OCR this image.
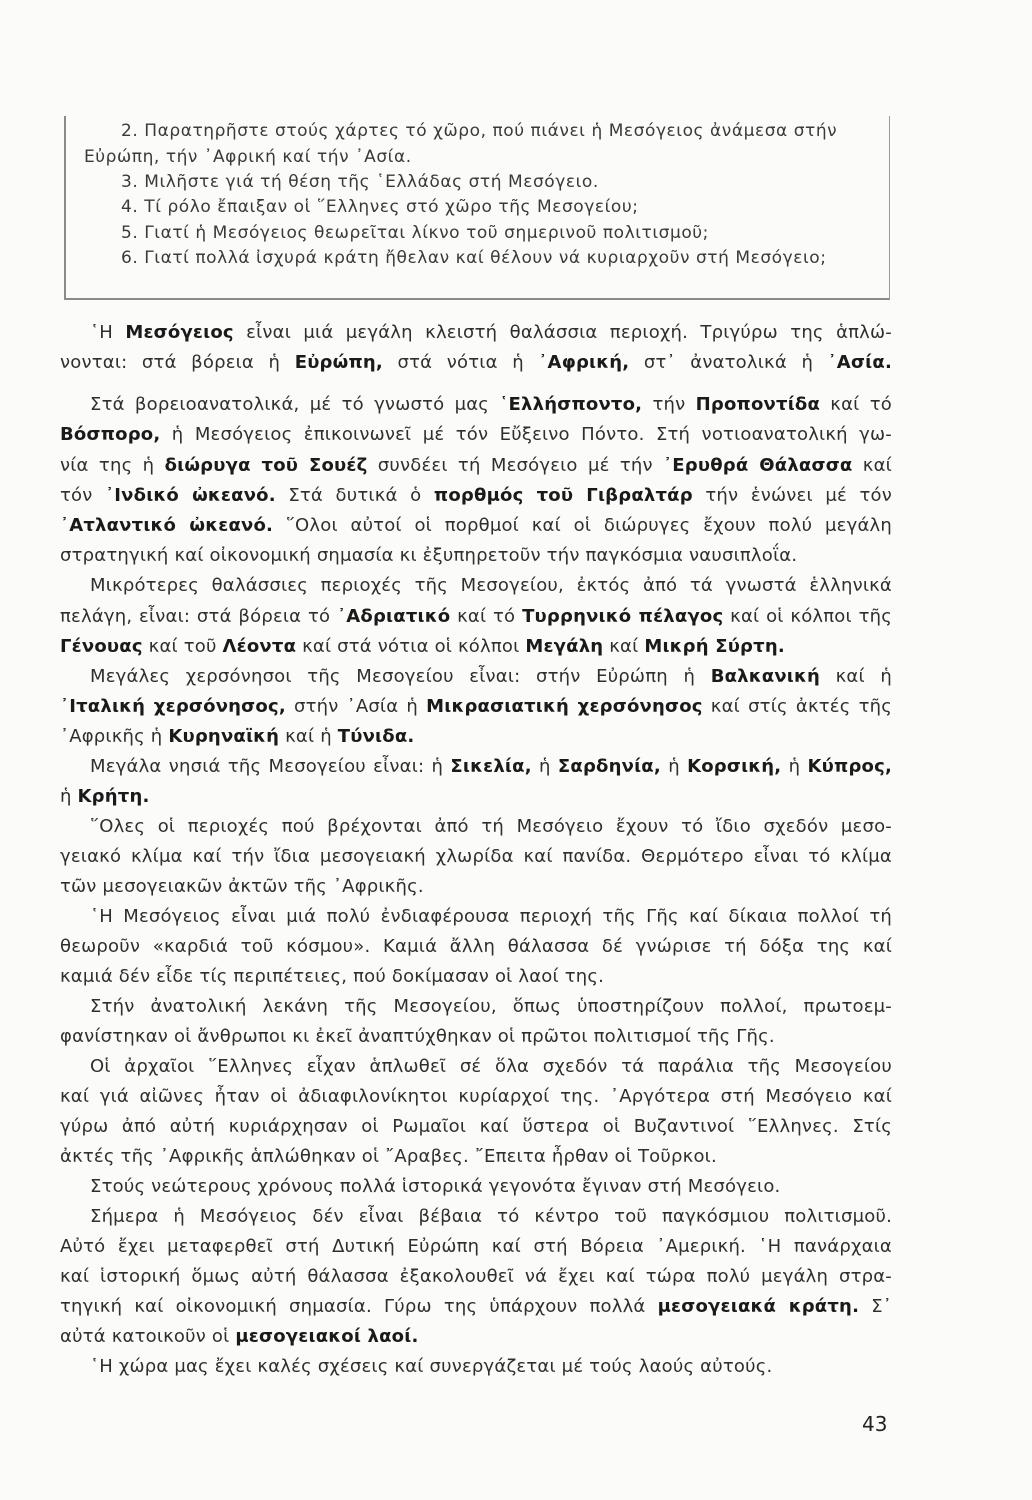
2. Παρατηρῆστε στούς χάρτες τό χῶρο, πού πιάνει ἡ Μεσόγειος ἀνάμεσα στήν
Εὐρώπη, τήν ᾿Αφρική καί τήν ᾿Ασία.
3. Μιλῆστε γιά τή θέση τῆς ῾Ελλάδας στή Μεσόγειο.
4. Τί ρόλο ἔπαιξαν οἱ ῞Ελληνες στό χῶρο τῆς Μεσογείου;
5. Γιατί ἡ Μεσόγειος θεωρεῖται λίκνο τοῦ σημερινοῦ πολιτισμοῦ;
6. Γιατί πολλά ἰσχυρά κράτη ἤθελαν καί θέλουν νά κυριαρχοῦν στή Μεσόγειο;
῾Η Μεσόγειος εἶναι μιά μεγάλη κλειστή θαλάσσια περιοχή. Τριγύρω της ἁπλώ-
νονται: στά βόρεια ἡ Εὐρώπη, στά νότια ἡ ᾿Αφρική, στ᾿ ἀνατολικά ἡ ᾿Ασία.
Στά βορειοανατολικά, μέ τό γνωστό μας ῾Ελλήσποντο, τήν Προποντίδα καί τό
Βόσπορο, ἡ Μεσόγειος ἐπικοινωνεῖ μέ τόν Εὔξεινο Πόντο. Στή νοτιοανατολική γω-
νία της ἡ διώρυγα τοῦ Σουέζ συνδέει τή Μεσόγειο μέ τήν ᾿Ερυθρά Θάλασσα καί
τόν ᾿Ινδικό ὠκεανό. Στά δυτικά ὁ πορθμός τοῦ Γιβραλτάρ τήν ἑνώνει μέ τόν
᾿Ατλαντικό ὠκεανό. ῞Ολοι αὐτοί οἱ πορθμοί καί οἱ διώρυγες ἔχουν πολύ μεγάλη
στρατηγική καί οἰκονομική σημασία κι ἐξυπηρετοῦν τήν παγκόσμια ναυσιπλοΐα.
Μικρότερες θαλάσσιες περιοχές τῆς Μεσογείου, ἐκτός ἀπό τά γνωστά ἑλληνικά
πελάγη, εἶναι: στά βόρεια τό ᾿Αδριατικό καί τό Τυρρηνικό πέλαγος καί οἱ κόλποι τῆς
Γένουας καί τοῦ Λέοντα καί στά νότια οἱ κόλποι Μεγάλη καί Μικρή Σύρτη.
Μεγάλες χερσόνησοι τῆς Μεσογείου εἶναι: στήν Εὐρώπη ἡ Βαλκανική καί ἡ
᾿Ιταλική χερσόνησος, στήν ᾿Ασία ἡ Μικρασιατική χερσόνησος καί στίς ἀκτές τῆς
᾿Αφρικῆς ἡ Κυρηναϊκή καί ἡ Τύνιδα.
Μεγάλα νησιά τῆς Μεσογείου εἶναι: ἡ Σικελία, ἡ Σαρδηνία, ἡ Κορσική, ἡ Κύπρος,
ἡ Κρήτη.
῞Ολες οἱ περιοχές πού βρέχονται ἀπό τή Μεσόγειο ἔχουν τό ἴδιο σχεδόν μεσο-
γειακό κλίμα καί τήν ἴδια μεσογειακή χλωρίδα καί πανίδα. Θερμότερο εἶναι τό κλίμα
τῶν μεσογειακῶν ἀκτῶν τῆς ᾿Αφρικῆς.
῾Η Μεσόγειος εἶναι μιά πολύ ἐνδιαφέρουσα περιοχή τῆς Γῆς καί δίκαια πολλοί τή
θεωροῦν «καρδιά τοῦ κόσμου». Καμιά ἄλλη θάλασσα δέ γνώρισε τή δόξα της καί
καμιά δέν εἶδε τίς περιπέτειες, πού δοκίμασαν οἱ λαοί της.
Στήν ἀνατολική λεκάνη τῆς Μεσογείου, ὅπως ὑποστηρίζουν πολλοί, πρωτοεμ-
φανίστηκαν οἱ ἄνθρωποι κι ἐκεῖ ἀναπτύχθηκαν οἱ πρῶτοι πολιτισμοί τῆς Γῆς.
Οἱ ἀρχαῖοι ῞Ελληνες εἶχαν ἁπλωθεῖ σέ ὅλα σχεδόν τά παράλια τῆς Μεσογείου
καί γιά αἰῶνες ἦταν οἱ ἀδιαφιλονίκητοι κυρίαρχοί της. ᾿Αργότερα στή Μεσόγειο καί
γύρω ἀπό αὐτή κυριάρχησαν οἱ Ρωμαῖοι καί ὕστερα οἱ Βυζαντινοί ῞Ελληνες. Στίς
ἀκτές τῆς ᾿Αφρικῆς ἁπλώθηκαν οἱ ῎Αραβες. ῎Επειτα ἦρθαν οἱ Τοῦρκοι.
Στούς νεώτερους χρόνους πολλά ἱστορικά γεγονότα ἔγιναν στή Μεσόγειο.
Σήμερα ἡ Μεσόγειος δέν εἶναι βέβαια τό κέντρο τοῦ παγκόσμιου πολιτισμοῦ.
Αὐτό ἔχει μεταφερθεῖ στή Δυτική Εὐρώπη καί στή Βόρεια ᾿Αμερική. ῾Η πανάρχαια
καί ἱστορική ὅμως αὐτή θάλασσα ἐξακολουθεῖ νά ἔχει καί τώρα πολύ μεγάλη στρα-
τηγική καί οἰκονομική σημασία. Γύρω της ὑπάρχουν πολλά μεσογειακά κράτη. Σ᾿
αὐτά κατοικοῦν οἱ μεσογειακοί λαοί.
῾Η χώρα μας ἔχει καλές σχέσεις καί συνεργάζεται μέ τούς λαούς αὐτούς.
43
